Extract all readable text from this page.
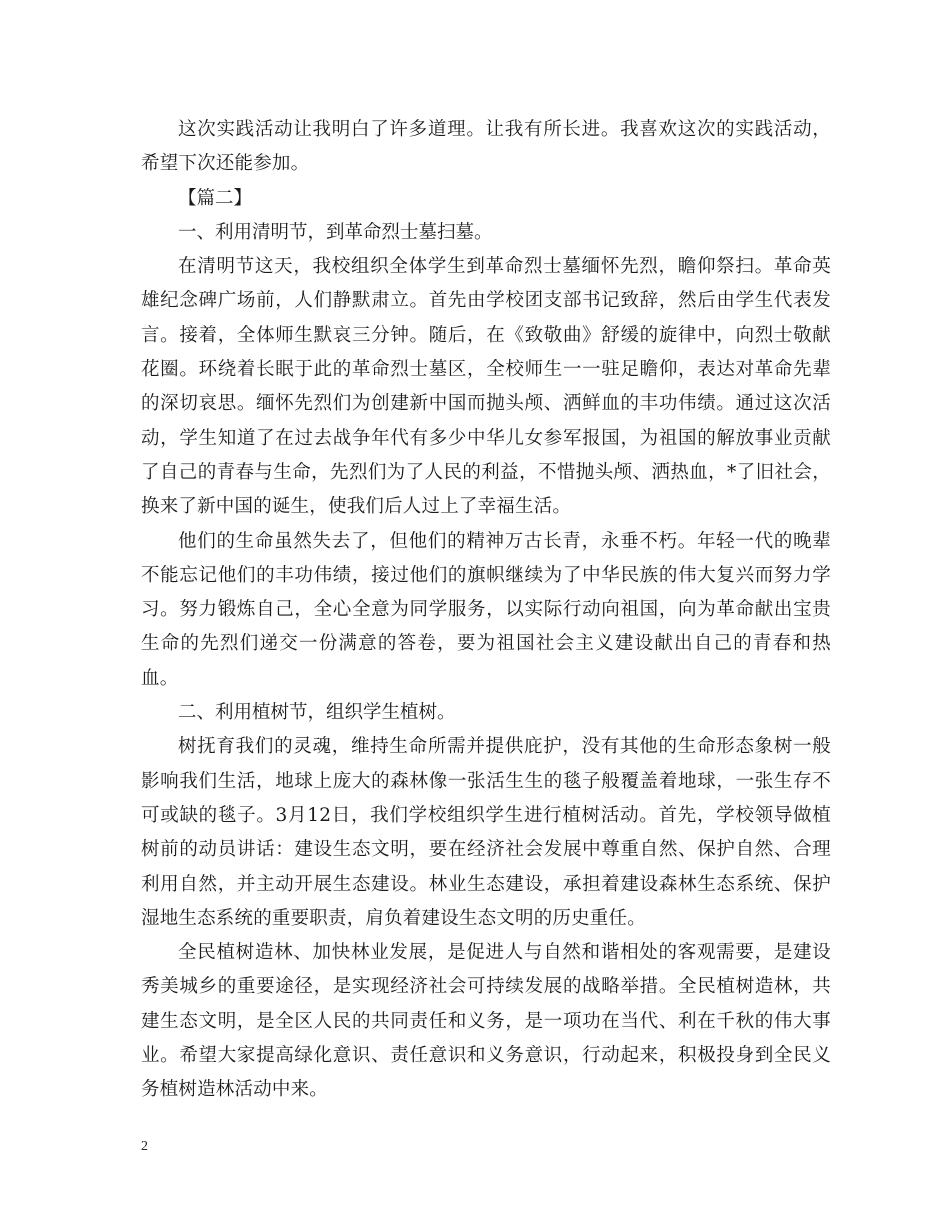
这次实践活动让我明白了许多道理。让我有所长进。我喜欢这次的实践活动，希望下次还能参加。

【篇二】

一、利用清明节，到革命烈士墓扫墓。

在清明节这天，我校组织全体学生到革命烈士墓缅怀先烈，瞻仰祭扫。革命英雄纪念碑广场前，人们静默肃立。首先由学校团支部书记致辞，然后由学生代表发言。接着，全体师生默哀三分钟。随后，在《致敬曲》舒缓的旋律中，向烈士敬献花圈。环绕着长眠于此的革命烈士墓区，全校师生一一驻足瞻仰，表达对革命先辈的深切哀思。缅怀先烈们为创建新中国而抛头颅、洒鲜血的丰功伟绩。通过这次活动，学生知道了在过去战争年代有多少中华儿女参军报国，为祖国的解放事业贡献了自己的青春与生命，先烈们为了人民的利益，不惜抛头颅、洒热血，*了旧社会，换来了新中国的诞生，使我们后人过上了幸福生活。

他们的生命虽然失去了，但他们的精神万古长青，永垂不朽。年轻一代的晚辈不能忘记他们的丰功伟绩，接过他们的旗帜继续为了中华民族的伟大复兴而努力学习。努力锻炼自己，全心全意为同学服务，以实际行动向祖国，向为革命献出宝贵生命的先烈们递交一份满意的答卷，要为祖国社会主义建设献出自己的青春和热血。

二、利用植树节，组织学生植树。

树抚育我们的灵魂，维持生命所需并提供庇护，没有其他的生命形态象树一般影响我们生活，地球上庞大的森林像一张活生生的毯子般覆盖着地球，一张生存不可或缺的毯子。3月12日，我们学校组织学生进行植树活动。首先，学校领导做植树前的动员讲话：建设生态文明，要在经济社会发展中尊重自然、保护自然、合理利用自然，并主动开展生态建设。林业生态建设，承担着建设森林生态系统、保护湿地生态系统的重要职责，肩负着建设生态文明的历史重任。

全民植树造林、加快林业发展，是促进人与自然和谐相处的客观需要，是建设秀美城乡的重要途径，是实现经济社会可持续发展的战略举措。全民植树造林，共建生态文明，是全区人民的共同责任和义务，是一项功在当代、利在千秋的伟大事业。希望大家提高绿化意识、责任意识和义务意识，行动起来，积极投身到全民义务植树造林活动中来。

2
